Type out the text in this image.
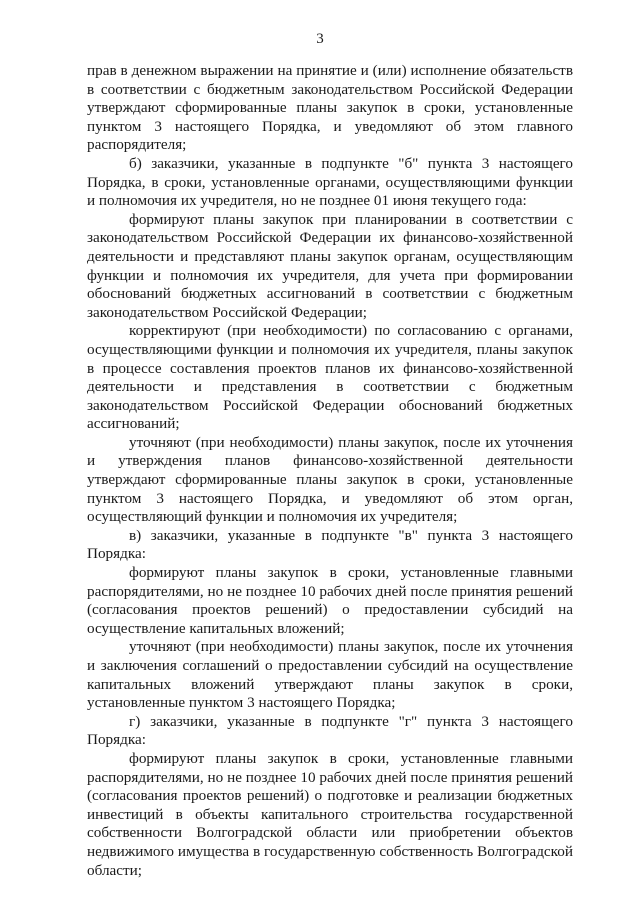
3

прав в денежном выражении на принятие и (или) исполнение обязательств в соответствии с бюджетным законодательством Российской Федерации утверждают сформированные планы закупок в сроки, установленные пунктом 3 настоящего Порядка, и уведомляют об этом главного распорядителя;

б) заказчики, указанные в подпункте "б" пункта 3 настоящего Порядка, в сроки, установленные органами, осуществляющими функции и полномочия их учредителя, но не позднее 01 июня текущего года:

формируют планы закупок при планировании в соответствии с законодательством Российской Федерации их финансово-хозяйственной деятельности и представляют планы закупок органам, осуществляющим функции и полномочия их учредителя, для учета при формировании обоснований бюджетных ассигнований в соответствии с бюджетным законодательством Российской Федерации;

корректируют (при необходимости) по согласованию с органами, осуществляющими функции и полномочия их учредителя, планы закупок в процессе составления проектов планов их финансово-хозяйственной деятельности и представления в соответствии с бюджетным законодательством Российской Федерации обоснований бюджетных ассигнований;

уточняют (при необходимости) планы закупок, после их уточнения и утверждения планов финансово-хозяйственной деятельности утверждают сформированные планы закупок в сроки, установленные пунктом 3 настоящего Порядка, и уведомляют об этом орган, осуществляющий функции и полномочия их учредителя;

в) заказчики, указанные в подпункте "в" пункта 3 настоящего Порядка:

формируют планы закупок в сроки, установленные главными распорядителями, но не позднее 10 рабочих дней после принятия решений (согласования проектов решений) о предоставлении субсидий на осуществление капитальных вложений;

уточняют (при необходимости) планы закупок, после их уточнения и заключения соглашений о предоставлении субсидий на осуществление капитальных вложений утверждают планы закупок в сроки, установленные пунктом 3 настоящего Порядка;

г) заказчики, указанные в подпункте "г" пункта 3 настоящего Порядка:

формируют планы закупок в сроки, установленные главными распорядителями, но не позднее 10 рабочих дней после принятия решений (согласования проектов решений) о подготовке и реализации бюджетных инвестиций в объекты капитального строительства государственной собственности Волгоградской области или приобретении объектов недвижимого имущества в государственную собственность Волгоградской области;
